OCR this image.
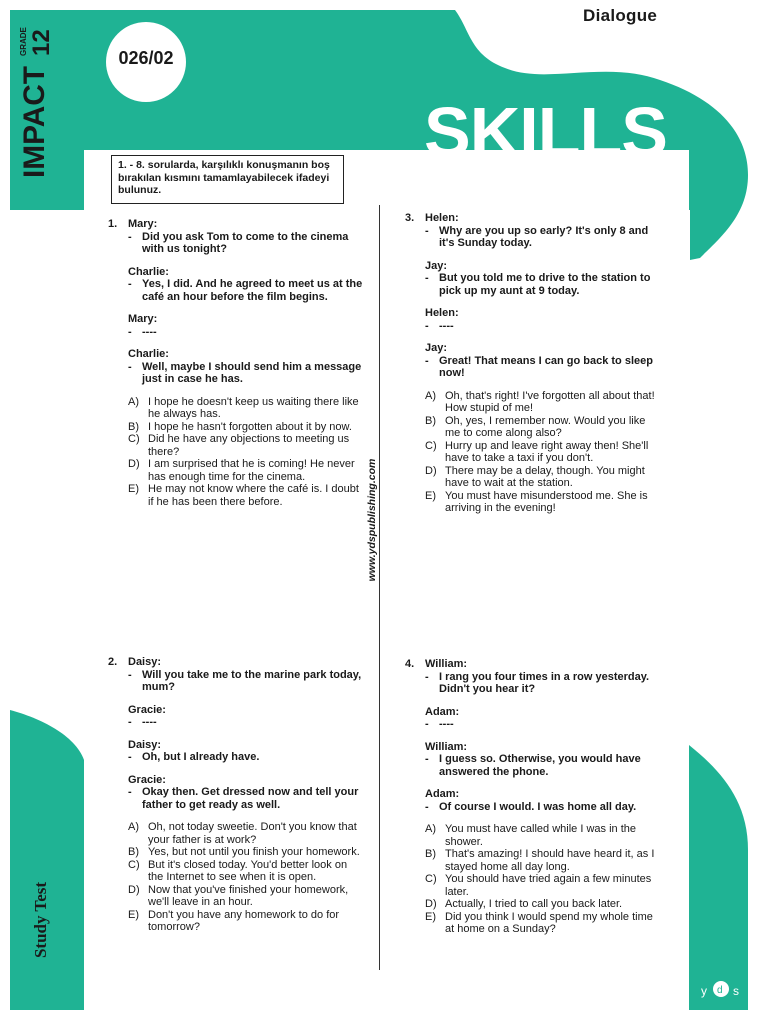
IMPACT
GRADE 12
026/02
Dialogue
SKILLS
1. - 8. sorularda, karşılıklı konuşmanın boş bırakılan kısmını tamamlayabilecek ifadeyi bulunuz.
www.ydspublishing.com
1. Mary:
- Did you ask Tom to come to the cinema with us tonight?
Charlie:
- Yes, I did. And he agreed to meet us at the café an hour before the film begins.
Mary:
- ----
Charlie:
- Well, maybe I should send him a message just in case he has.
A) I hope he doesn't keep us waiting there like he always has.
B) I hope he hasn't forgotten about it by now.
C) Did he have any objections to meeting us there?
D) I am surprised that he is coming! He never has enough time for the cinema.
E) He may not know where the café is. I doubt if he has been there before.
2. Daisy:
- Will you take me to the marine park today, mum?
Gracie:
- ----
Daisy:
- Oh, but I already have.
Gracie:
- Okay then. Get dressed now and tell your father to get ready as well.
A) Oh, not today sweetie. Don't you know that your father is at work?
B) Yes, but not until you finish your homework.
C) But it's closed today. You'd better look on the Internet to see when it is open.
D) Now that you've finished your homework, we'll leave in an hour.
E) Don't you have any homework to do for tomorrow?
3. Helen:
- Why are you up so early? It's only 8 and it's Sunday today.
Jay:
- But you told me to drive to the station to pick up my aunt at 9 today.
Helen:
- ----
Jay:
- Great! That means I can go back to sleep now!
A) Oh, that's right! I've forgotten all about that! How stupid of me!
B) Oh, yes, I remember now. Would you like me to come along also?
C) Hurry up and leave right away then! She'll have to take a taxi if you don't.
D) There may be a delay, though. You might have to wait at the station.
E) You must have misunderstood me. She is arriving in the evening!
4. William:
- I rang you four times in a row yesterday. Didn't you hear it?
Adam:
- ----
William:
- I guess so. Otherwise, you would have answered the phone.
Adam:
- Of course I would. I was home all day.
A) You must have called while I was in the shower.
B) That's amazing! I should have heard it, as I stayed home all day long.
C) You should have tried again a few minutes later.
D) Actually, I tried to call you back later.
E) Did you think I would spend my whole time at home on a Sunday?
Study Test
y d s
